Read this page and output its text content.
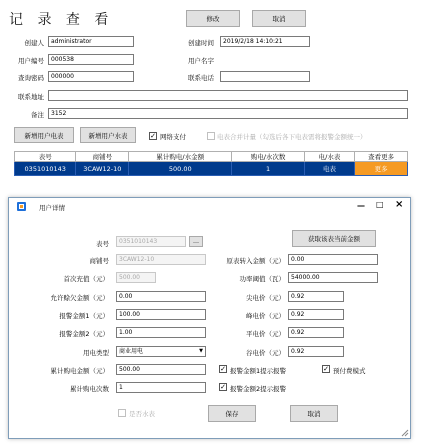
记 录 查 看	修改	取消
创建人	administrator	创建时间	2019/2/18 14:10:21
用户编号	000538	用户名字
查询密码	000000	联系电话
联系地址
备注	3152
新增用户电表	新增用户水表	✓ 网络支付	电表合并计量（勾选后各下电表需将报警金额统一）
表号	商铺号	累计购电/水金额	购电/水次数	电/水表	查看更多
0351010143	3CAW12-10	500.00	1	电表	更多
用户详情	— □ ×
表号	0351010143	…	获取该表当前金额
商铺号	3CAW12-10	原表转入金额（元）	0.00
首次充值（元）	500.00	功率阈值（瓦）	54000.00
允许赊欠金额（元）	0.00	尖电价（元）	0.92
报警金额1（元）	100.00	峰电价（元）	0.92
报警金额2（元）	1.00	平电价（元）	0.92
用电类型	商业用电	▼	谷电价（元）	0.92
累计购电金额（元）	500.00	✓ 报警金额1提示报警	✓ 预付费模式
累计购电次数	1	✓ 报警金额2提示报警
是否水表	保存	取消
